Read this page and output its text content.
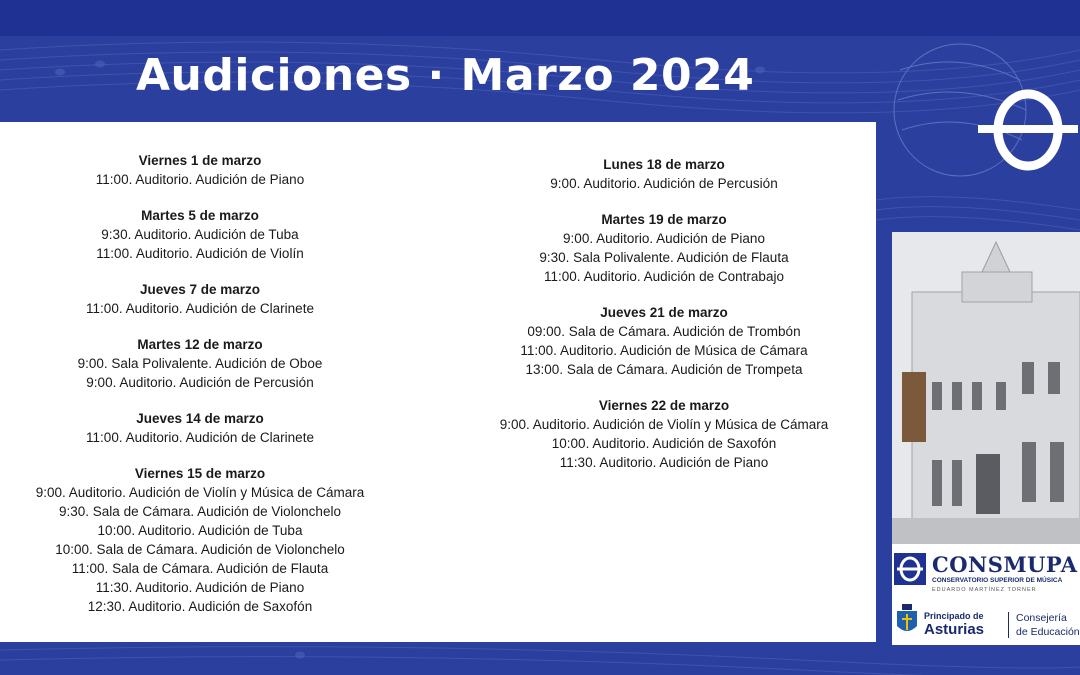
Audiciones · Marzo 2024
Viernes 1 de marzo
11:00. Auditorio. Audición de Piano
Martes 5 de marzo
9:30. Auditorio. Audición de Tuba
11:00. Auditorio. Audición de Violín
Jueves 7 de marzo
11:00. Auditorio. Audición de Clarinete
Martes 12 de marzo
9:00. Sala Polivalente. Audición de Oboe
9:00. Auditorio. Audición de Percusión
Jueves 14 de marzo
11:00. Auditorio. Audición de Clarinete
Viernes 15 de marzo
9:00. Auditorio. Audición de Violín y Música de Cámara
9:30. Sala de Cámara. Audición de Violonchelo
10:00. Auditorio. Audición de Tuba
10:00. Sala de Cámara. Audición de Violonchelo
11:00. Sala de Cámara. Audición de Flauta
11:30. Auditorio. Audición de Piano
12:30. Auditorio. Audición de Saxofón
Lunes 18 de marzo
9:00. Auditorio. Audición de Percusión
Martes 19 de marzo
9:00. Auditorio. Audición de Piano
9:30. Sala Polivalente. Audición de Flauta
11:00. Auditorio. Audición de Contrabajo
Jueves 21 de marzo
09:00. Sala de Cámara. Audición de Trombón
11:00. Auditorio. Audición de Música de Cámara
13:00. Sala de Cámara. Audición de Trompeta
Viernes 22 de marzo
9:00. Auditorio. Audición de Violín y Música de Cámara
10:00. Auditorio. Audición de Saxofón
11:30. Auditorio. Audición de Piano
CONSMUPA
CONSERVATORIO SUPERIOR DE MÚSICA
EDUARDO MARTÍNEZ TORNER
Principado de
Asturias
Consejería
de Educación
